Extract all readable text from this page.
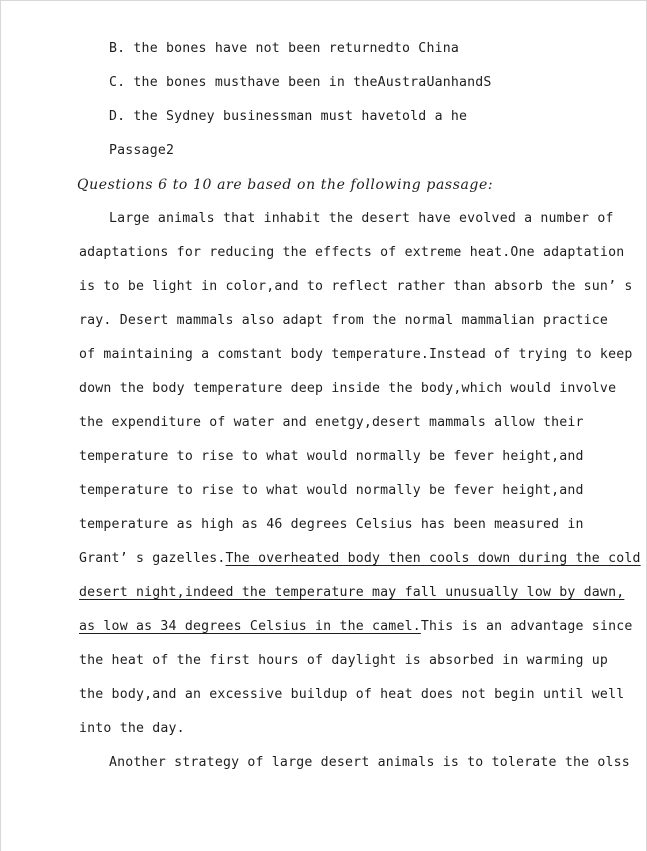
B. the bones have not been returnedto China
C. the bones musthave been in theAustraUanhandS
D. the Sydney businessman must havetold a he
Passage2
Questions 6 to 10 are based on the following passage:
Large animals that inhabit the desert have evolved a number of
adaptations for reducing the effects of extreme heat.One adaptation
is to be light in color,and to reflect rather than absorb the sun’ s
ray. Desert mammals also adapt from the normal mammalian practice
of maintaining a comstant body temperature.Instead of trying to keep
down the body temperature deep inside the body,which would involve
the expenditure of water and enetgy,desert mammals allow their
temperature to rise to what would normally be fever height,and
temperature to rise to what would normally be fever height,and
temperature as high as 46 degrees Celsius has been measured in
Grant’ s gazelles.The overheated body then cools down during the cold
desert night,indeed the temperature may fall unusually low by dawn,
as low as 34 degrees Celsius in the camel.This is an advantage since
the heat of the first hours of daylight is absorbed in warming up
the body,and an excessive buildup of heat does not begin until well
into the day.
Another strategy of large desert animals is to tolerate the olss
